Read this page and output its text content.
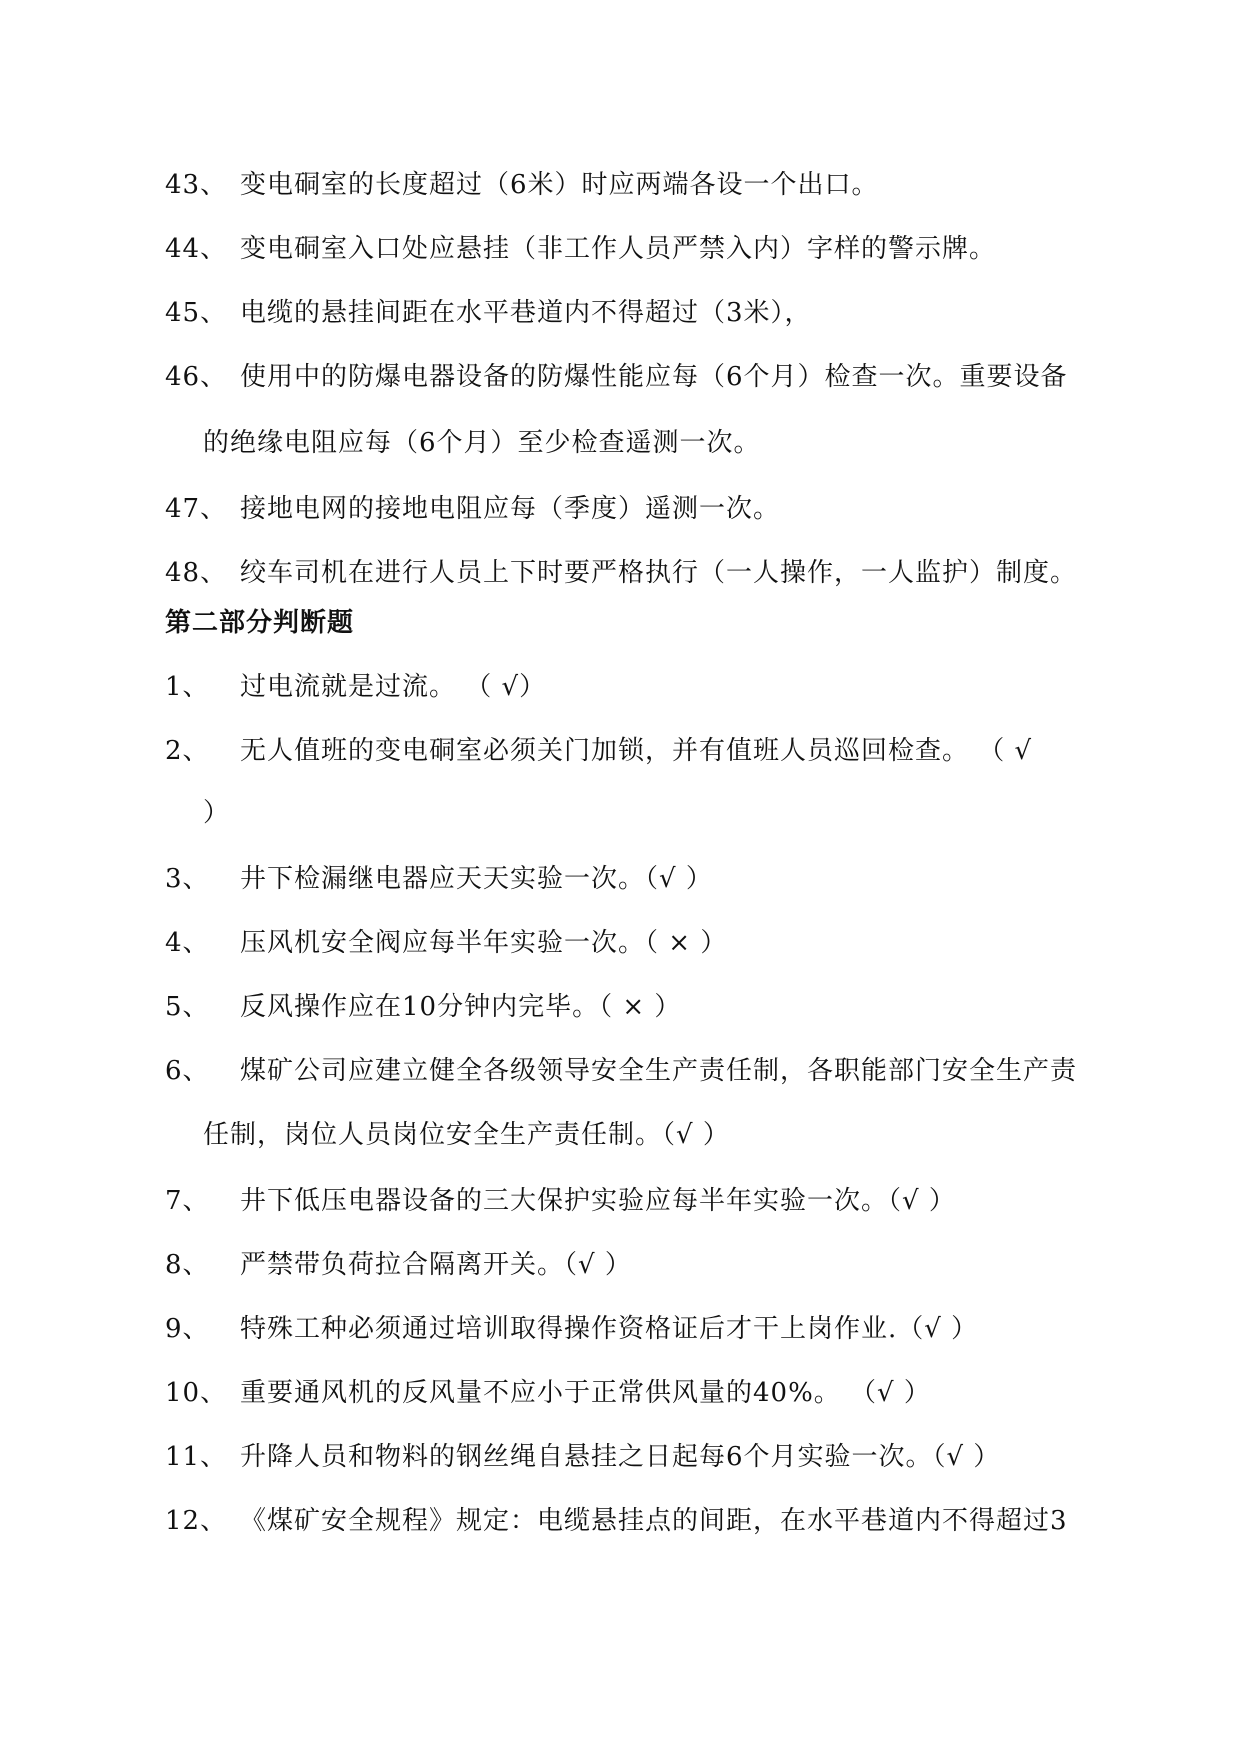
43、 变电硐室的长度超过（6米）时应两端各设一个出口。
44、 变电硐室入口处应悬挂（非工作人员严禁入内）字样的警示牌。
45、 电缆的悬挂间距在水平巷道内不得超过（3米），
46、 使用中的防爆电器设备的防爆性能应每（6个月）检查一次。重要设备
的绝缘电阻应每（6个月）至少检查遥测一次。
47、 接地电网的接地电阻应每（季度）遥测一次。
48、 绞车司机在进行人员上下时要严格执行（一人操作，一人监护）制度。
第二部分判断题
1、 过电流就是过流。 （ √）
2、 无人值班的变电硐室必须关门加锁，并有值班人员巡回检查。 （ √
）
3、 井下检漏继电器应天天实验一次。（√ ）
4、 压风机安全阀应每半年实验一次。（ × ）
5、 反风操作应在10分钟内完毕。（ × ）
6、 煤矿公司应建立健全各级领导安全生产责任制，各职能部门安全生产责
任制，岗位人员岗位安全生产责任制。（√ ）
7、 井下低压电器设备的三大保护实验应每半年实验一次。（√ ）
8、 严禁带负荷拉合隔离开关。（√ ）
9、 特殊工种必须通过培训取得操作资格证后才干上岗作业.（√ ）
10、 重要通风机的反风量不应小于正常供风量的40%。 （√ ）
11、 升降人员和物料的钢丝绳自悬挂之日起每6个月实验一次。（√ ）
12、 《煤矿安全规程》规定：电缆悬挂点的间距，在水平巷道内不得超过3
